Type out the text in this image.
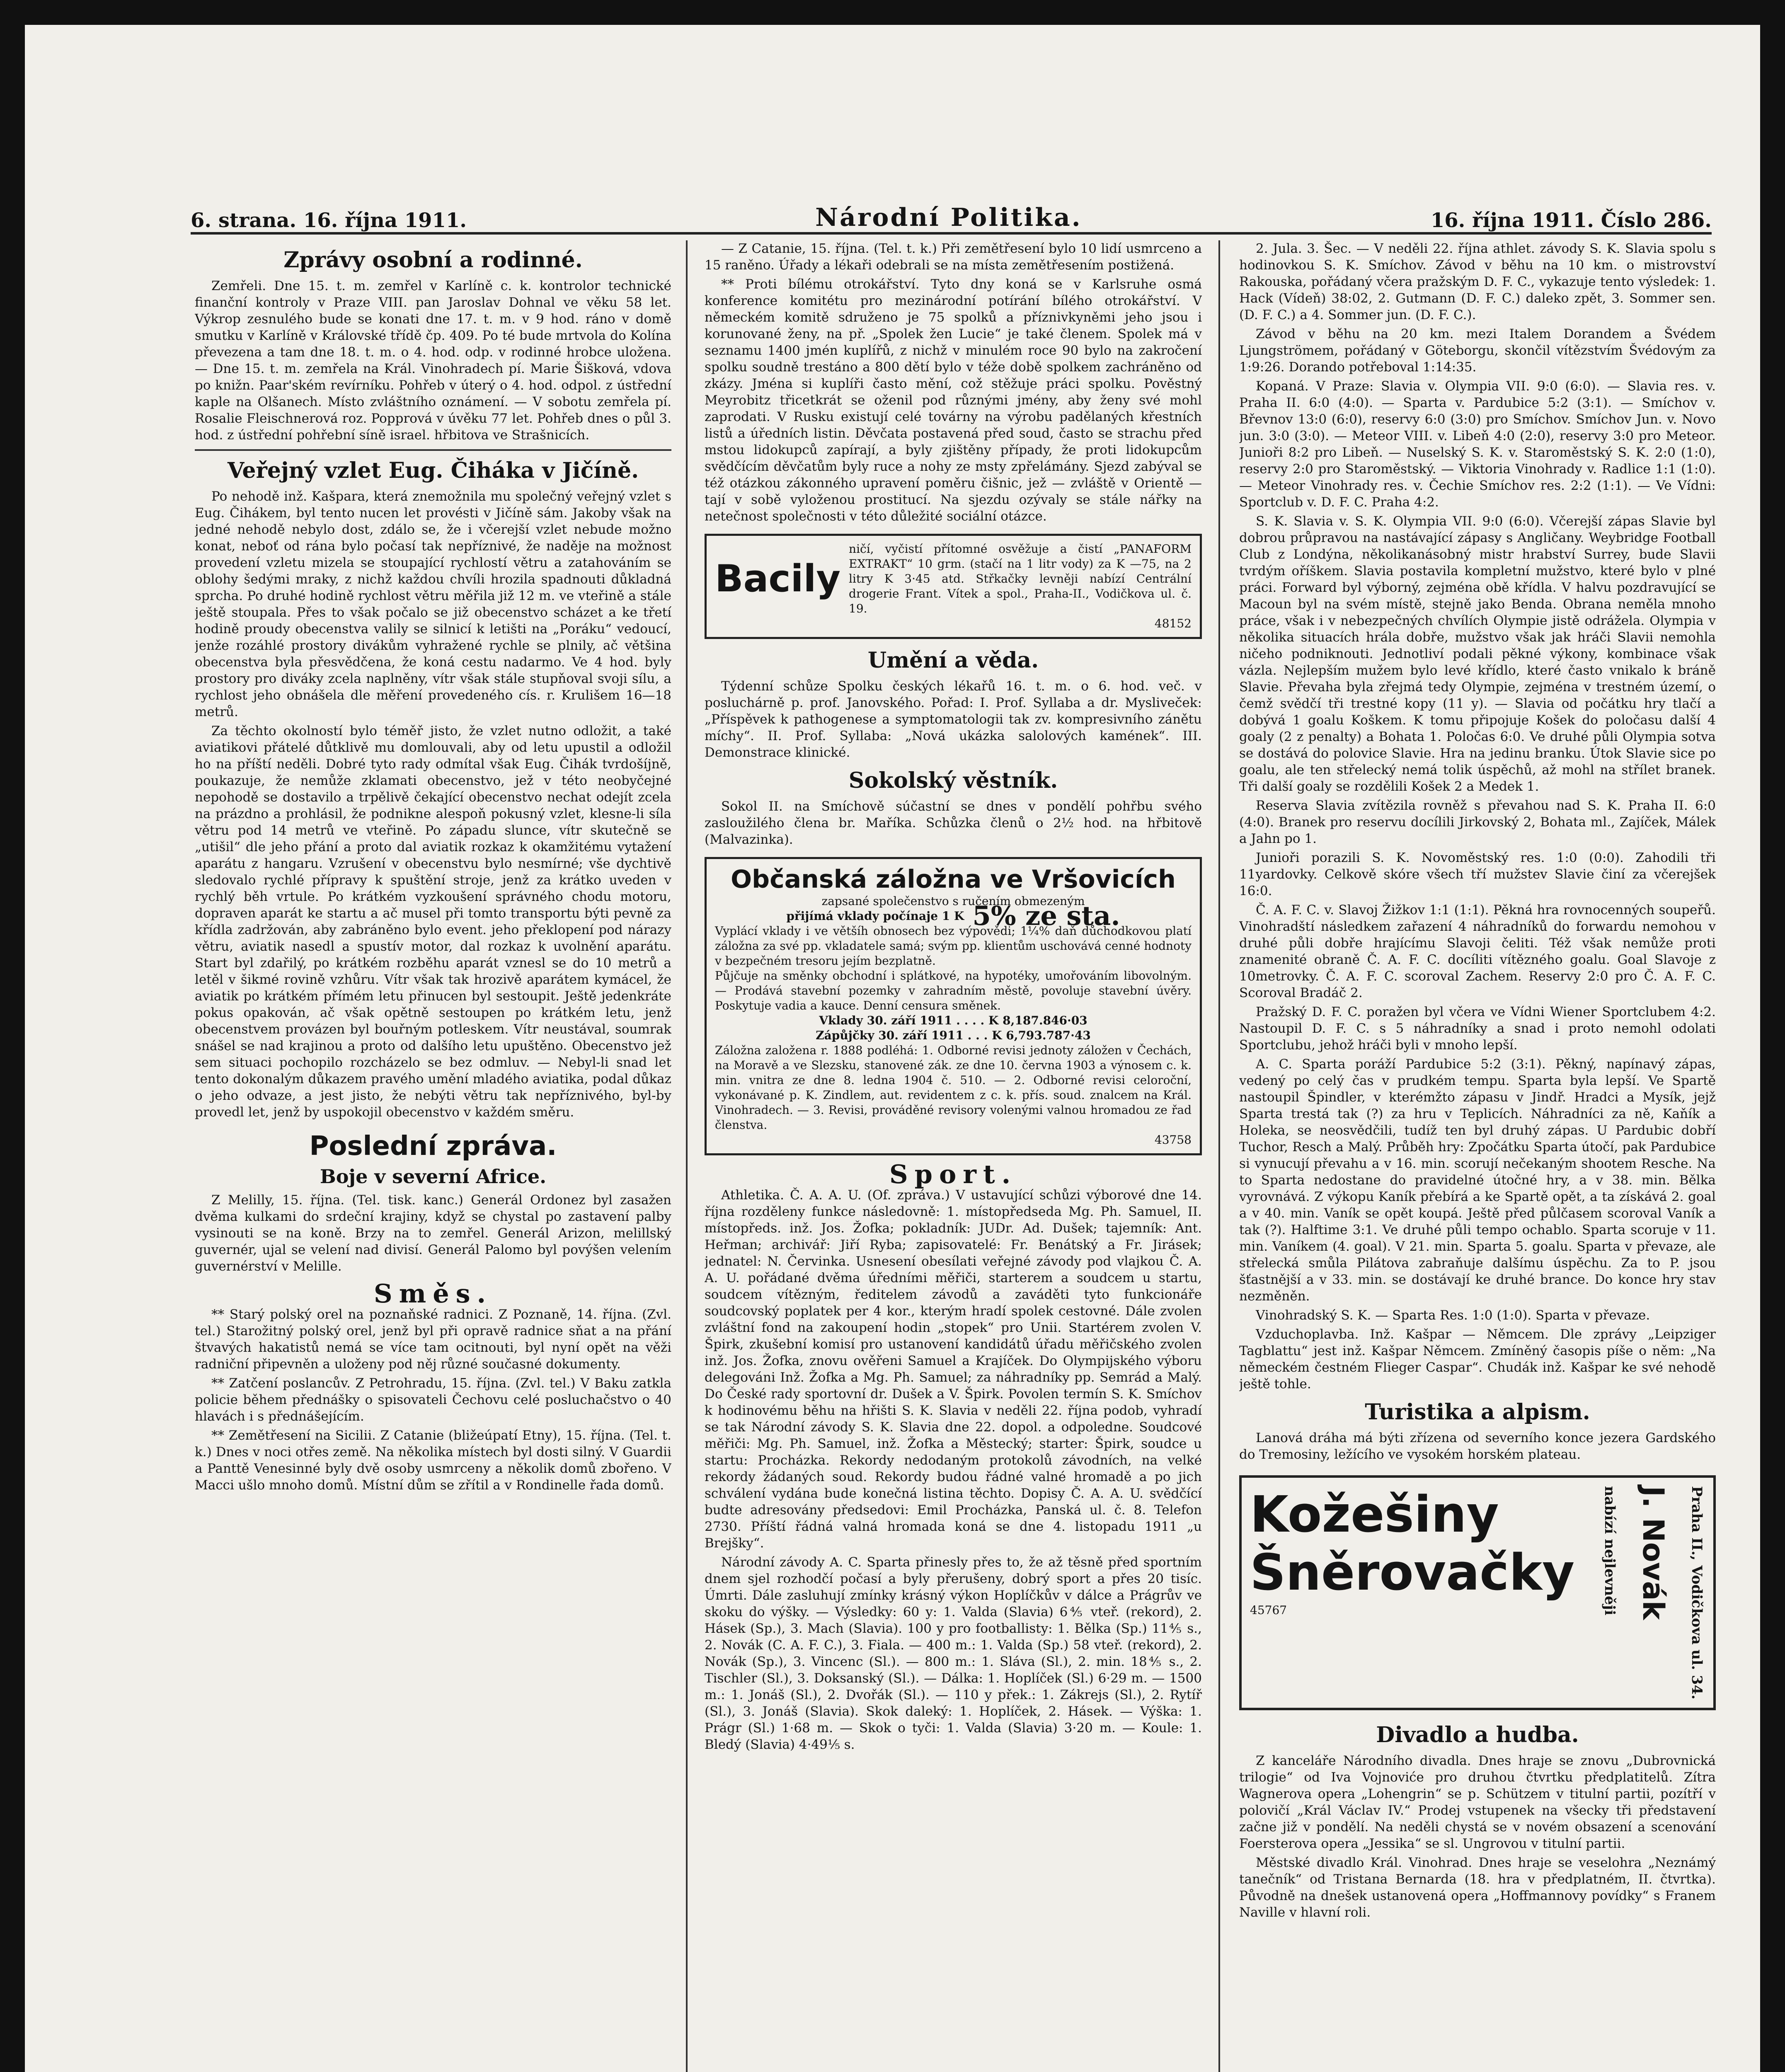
6. strana. 16. října 1911.	Národní Politika.	16. října 1911. Číslo 286.
Zprávy osobní a rodinné.

Zemřeli. Dne 15. t. m. zemřel v Karlíně c. k. kontrolor technické finanční kontroly v Praze VIII. pan Jaroslav Dohnal ve věku 58 let. Výkrop zesnulého bude se konati dne 17. t. m. v 9 hod. ráno v domě smutku v Karlíně v Královské třídě čp. 409. Po té bude mrtvola do Kolína převezena a tam dne 18. t. m. o 4. hod. odp. v rodinné hrobce uložena. — Dne 15. t. m. zemřela na Král. Vinohradech pí. Marie Šišková, vdova po knižn. Paar'ském revírníku. Pohřeb v úterý o 4. hod. odpol. z ústřední kaple na Olšanech. Místo zvláštního oznámení. — V sobotu zemřela pí. Rosalie Fleischnerová roz. Popprová v úvěku 77 let. Pohřeb dnes o půl 3. hod. z ústřední pohřební síně israel. hřbitova ve Strašnicích.

Veřejný vzlet Eug. Čiháka v Jičíně.

Po nehodě inž. Kašpara, která znemožnila mu společný veřejný vzlet s Eug. Čihákem, byl tento nucen let provésti v Jičíně sám. Jakoby však na jedné nehodě nebylo dost, zdálo se, že i včerejší vzlet nebude možno konat, neboť od rána bylo počasí tak nepříznivé, že naděje na možnost provedení vzletu mizela se stoupající rychlostí větru a zatahováním se oblohy šedými mraky, z nichž každou chvíli hrozila spadnouti důkladná sprcha. Po druhé hodině rychlost větru měřila již 12 m. ve vteřině a stále ještě stoupala. Přes to však počalo se již obecenstvo scházet a ke třetí hodině proudy obecenstva valily se silnicí k letišti na „Poráku“ vedoucí, jenže rozáhlé prostory divákům vyhražené rychle se plnily, ač většina obecenstva byla přesvědčena, že koná cestu nadarmo. Ve 4 hod. byly prostory pro diváky zcela naplněny, vítr však stále stupňoval svoji sílu, a rychlost jeho obnášela dle měření provedeného cís. r. Krulišem 16—18 metrů.

Za těchto okolností bylo téměř jisto, že vzlet nutno odložit, a také aviatikovi přátelé důtklivě mu domlouvali, aby od letu upustil a odložil ho na příští neděli. Dobré tyto rady odmítal však Eug. Čihák tvrdošíjně, poukazuje, že nemůže zklamati obecenstvo, jež v této neobyčejné nepohodě se dostavilo a trpělivě čekající obecenstvo nechat odejít zcela na prázdno a prohlásil, že podnikne alespoň pokusný vzlet, klesne-li síla větru pod 14 metrů ve vteřině. Po západu slunce, vítr skutečně se „utišil“ dle jeho přání a proto dal aviatik rozkaz k okamžitému vytažení aparátu z hangaru. Vzrušení v obecenstvu bylo nesmírné; vše dychtivě sledovalo rychlé přípravy k spuštění stroje, jenž za krátko uveden v rychlý běh vrtule. Po krátkém vyzkoušení správného chodu motoru, dopraven aparát ke startu a ač musel při tomto transportu býti pevně za křídla zadržován, aby zabráněno bylo event. jeho překlopení pod nárazy větru, aviatik nasedl a spustív motor, dal rozkaz k uvolnění aparátu. Start byl zdařilý, po krátkém rozběhu aparát vznesl se do 10 metrů a letěl v šikmé rovině vzhůru. Vítr však tak hrozivě aparátem kymácel, že aviatik po krátkém přímém letu přinucen byl sestoupit. Ještě jedenkráte pokus opakován, ač však opětně sestoupen po krátkém letu, jenž obecenstvem provázen byl bouřným potleskem. Vítr neustával, soumrak snášel se nad krajinou a proto od dalšího letu upuštěno. Obecenstvo jež sem situaci pochopilo rozcházelo se bez odmluv. — Nebyl-li snad let tento dokonalým důkazem pravého umění mladého aviatika, podal důkaz o jeho odvaze, a jest jisto, že nebýti větru tak nepříznivého, byl-by provedl let, jenž by uspokojil obecenstvo v každém směru.

Poslední zpráva.
Boje v severní Africe.

Z Melilly, 15. října. (Tel. tisk. kanc.) Generál Ordonez byl zasažen dvěma kulkami do srdeční krajiny, když se chystal po zastavení palby vysinouti se na koně. Brzy na to zemřel. Generál Arizon, melillský guvernér, ujal se velení nad divisí. Generál Palomo byl povýšen velením guvernérství v Melille.

Směs.

** Starý polský orel na poznaňské radnici. Z Poznaně, 14. října. (Zvl. tel.) Starožitný polský orel, jenž byl při opravě radnice sňat a na přání štvavých hakatistů nemá se více tam ocitnouti, byl nyní opět na věži radniční připevněn a uloženy pod něj různé současné dokumenty.

** Zatčení poslancův. Z Petrohradu, 15. října. (Zvl. tel.) V Baku zatkla policie během přednášky o spisovateli Čechovu celé posluchačstvo o 40 hlavách i s přednášejícím.

** Zemětřesení na Sicilii. Z Catanie (bližeúpatí Etny), 15. října. (Tel. t. k.) Dnes v noci otřes země. Na několika místech byl dosti silný. V Guardii a Panttě Venesinné byly dvě osoby usmrceny a několik domů zbořeno. V Macci ušlo mnoho domů. Místní dům se zřítil a v Rondinelle řada domů.

— Z Catanie, 15. října. (Tel. t. k.) Při zemětřesení bylo 10 lidí usmrceno a 15 raněno. Úřady a lékaři odebrali se na místa zemětřesením postižená.

** Proti bílému otrokářství. Tyto dny koná se v Karlsruhe osmá konference komitétu pro mezinárodní potírání bílého otrokářství. V německém komitě sdruženo je 75 spolků a příznivkyněmi jeho jsou i korunované ženy, na př. „Spolek žen Lucie“ je také členem. Spolek má v seznamu 1400 jmén kuplířů, z nichž v minulém roce 90 bylo na zakročení spolku soudně trestáno a 800 dětí bylo v téže době spolkem zachráněno od zkázy. Jména si kuplíři často mění, což stěžuje práci spolku. Pověstný Meyrobitz třicetkrát se oženil pod různými jmény, aby ženy své mohl zaprodati. V Rusku existují celé továrny na výrobu padělaných křestních listů a úředních listin. Děvčata postavená před soud, často se strachu před mstou lidokupců zapírají, a byly zjištěny případy, že proti lidokupcům svědčícím děvčatům byly ruce a nohy ze msty zpřelámány. Sjezd zabýval se též otázkou zákonného upravení poměru čišnic, jež — zvláště v Orientě — tají v sobě vyloženou prostitucí. Na sjezdu ozývaly se stále nářky na netečnost společnosti v této důležité sociální otázce.

Bacily
ničí, vyčistí přítomné osvěžuje a čistí „PANAFORM EXTRAKT“ 10 grm. (stačí na 1 litr vody) za K —75, na 2 litry K 3·45 atd. Střkačky levněji nabízí Centrální drogerie Frant. Vítek a spol., Praha-II., Vodičkova ul. č. 19.
48152
Umění a věda.

Týdenní schůze Spolku českých lékařů 16. t. m. o 6. hod. več. v posluchárně p. prof. Janovského. Pořad: I. Prof. Syllaba a dr. Mysliveček: „Příspěvek k pathogenese a symptomatologii tak zv. kompresivního zánětu míchy“. II. Prof. Syllaba: „Nová ukázka salolových kamének“. III. Demonstrace klinické.

Sokolský věstník.

Sokol II. na Smíchově súčastní se dnes v pondělí pohřbu svého zasloužilého člena br. Maříka. Schůzka členů o 2½ hod. na hřbitově (Malvazinka).

Občanská záložna ve Vršovicích
zapsané společenstvo s ručením obmezeným
přijímá vklady počínaje 1 K 5% ze sta.
Vyplácí vklady i ve většíh obnosech bez výpovědi; 1¼% daň důchodkovou platí záložna za své pp. vkladatele samá; svým pp. klientům uschovává cenné hodnoty v bezpečném tresoru jejím bezplatně.
Půjčuje na směnky obchodní i splátkové, na hypotéky, umořováním libovolným. — Prodává stavební pozemky v zahradním městě, povoluje stavební úvěry. Poskytuje vadia a kauce. Denní censura směnek.
Vklady 30. září 1911 . . . . K 8,187.846·03
Zápůjčky 30. září 1911 . . . K 6,793.787·43
Záložna založena r. 1888 podléhá: 1. Odborné revisi jednoty záložen v Čechách, na Moravě a ve Slezsku, stanovené zák. ze dne 10. června 1903 a výnosem c. k. min. vnitra ze dne 8. ledna 1904 č. 510. — 2. Odborné revisi celoroční, vykonávané p. K. Zindlem, aut. revidentem z c. k. přís. soud. znalcem na Král. Vinohradech. — 3. Revisi, prováděné revisory volenými valnou hromadou ze řad členstva.
43758
Sport.

Athletika. Č. A. A. U. (Of. zpráva.) V ustavující schůzi výborové dne 14. října rozděleny funkce následovně: 1. místopředseda Mg. Ph. Samuel, II. místopředs. inž. Jos. Žofka; pokladník: JUDr. Ad. Dušek; tajemník: Ant. Heřman; archivář: Jiří Ryba; zapisovatelé: Fr. Benátský a Fr. Jirásek; jednatel: N. Červinka. Usnesení obesílati veřejné závody pod vlajkou Č. A. A. U. pořádané dvěma úředními měřiči, starterem a soudcem u startu, soudcem vítězným, ředitelem závodů a zaváděti tyto funkcionáře soudcovský poplatek per 4 kor., kterým hradí spolek cestovné. Dále zvolen zvláštní fond na zakoupení hodin „stopek“ pro Unii. Startérem zvolen V. Špirk, zkušební komisí pro ustanovení kandidátů úřadu měřičského zvolen inž. Jos. Žofka, znovu ověřeni Samuel a Krajíček. Do Olympijského výboru delegováni Inž. Žofka a Mg. Ph. Samuel; za náhradníky pp. Semrád a Malý. Do České rady sportovní dr. Dušek a V. Špirk. Povolen termín S. K. Smíchov k hodinovému běhu na hřišti S. K. Slavia v neděli 22. října podob, vyhradí se tak Národní závody S. K. Slavia dne 22. dopol. a odpoledne. Soudcové měřiči: Mg. Ph. Samuel, inž. Žofka a Městecký; starter: Špirk, soudce u startu: Procházka. Rekordy nedodaným protokolů závodních, na velké rekordy žádaných soud. Rekordy budou řádné valné hromadě a po jich schválení vydána bude konečná listina těchto. Dopisy Č. A. A. U. svědčící budte adresovány předsedovi: Emil Procházka, Panská ul. č. 8. Telefon 2730. Příští řádná valná hromada koná se dne 4. listopadu 1911 „u Brejšky“.

Národní závody A. C. Sparta přinesly přes to, že až těsně před sportním dnem sjel rozhodčí počasí a byly přerušeny, dobrý sport a přes 20 tisíc. Úmrti. Dále zasluhují zmínky krásný výkon Hoplíčkův v dálce a Prágrův ve skoku do výšky. — Výsledky: 60 y: 1. Valda (Slavia) 6⅘ vteř. (rekord), 2. Hásek (Sp.), 3. Mach (Slavia). 100 y pro footballisty: 1. Bělka (Sp.) 11⅘ s., 2. Novák (C. A. F. C.), 3. Fiala. — 400 m.: 1. Valda (Sp.) 58 vteř. (rekord), 2. Novák (Sp.), 3. Vincenc (Sl.). — 800 m.: 1. Sláva (Sl.), 2. min. 18⅘ s., 2. Tischler (Sl.), 3. Doksanský (Sl.). — Dálka: 1. Hoplíček (Sl.) 6·29 m. — 1500 m.: 1. Jonáš (Sl.), 2. Dvořák (Sl.). — 110 y přek.: 1. Zákrejs (Sl.), 2. Rytíř (Sl.), 3. Jonáš (Slavia). Skok daleký: 1. Hoplíček, 2. Hásek. — Výška: 1. Prágr (Sl.) 1·68 m. — Skok o tyči: 1. Valda (Slavia) 3·20 m. — Koule: 1. Bledý (Slavia) 4·49⅕ s.

2. Jula. 3. Šec. — V neděli 22. října athlet. závody S. K. Slavia spolu s hodinovkou S. K. Smíchov. Závod v běhu na 10 km. o mistrovství Rakouska, pořádaný včera pražským D. F. C., vykazuje tento výsledek: 1. Hack (Vídeň) 38:02, 2. Gutmann (D. F. C.) daleko zpět, 3. Sommer sen. (D. F. C.) a 4. Sommer jun. (D. F. C.).

Závod v běhu na 20 km. mezi Italem Dorandem a Švédem Ljungströmem, pořádaný v Göteborgu, skončil vítězstvím Švédovým za 1:9:26. Dorando potřeboval 1:14:35.

Kopaná. V Praze: Slavia v. Olympia VII. 9:0 (6:0). — Slavia res. v. Praha II. 6:0 (4:0). — Sparta v. Pardubice 5:2 (3:1). — Smíchov v. Břevnov 13:0 (6:0), reservy 6:0 (3:0) pro Smíchov. Smíchov Jun. v. Novo jun. 3:0 (3:0). — Meteor VIII. v. Libeň 4:0 (2:0), reservy 3:0 pro Meteor. Junioři 8:2 pro Libeň. — Nuselský S. K. v. Staroměstský S. K. 2:0 (1:0), reservy 2:0 pro Staroměstský. — Viktoria Vinohrady v. Radlice 1:1 (1:0). — Meteor Vinohrady res. v. Čechie Smíchov res. 2:2 (1:1). — Ve Vídni: Sportclub v. D. F. C. Praha 4:2.

S. K. Slavia v. S. K. Olympia VII. 9:0 (6:0). Včerejší zápas Slavie byl dobrou průpravou na nastávající zápasy s Angličany. Weybridge Football Club z Londýna, několikanásobný mistr hrabství Surrey, bude Slavii tvrdým oříškem. Slavia postavila kompletní mužstvo, které bylo v plné práci. Forward byl výborný, zejména obě křídla. V halvu pozdravující se Macoun byl na svém místě, stejně jako Benda. Obrana neměla mnoho práce, však i v nebezpečných chvílích Olympie jistě odrážela. Olympia v několika situacích hrála dobře, mužstvo však jak hráči Slavii nemohla ničeho podniknouti. Jednotliví podali pěkné výkony, kombinace však vázla. Nejlepším mužem bylo levé křídlo, které často vnikalo k bráně Slavie. Převaha byla zřejmá tedy Olympie, zejména v trestném území, o čemž svědčí tři trestné kopy (11 y). — Slavia od počátku hry tlačí a dobývá 1 goalu Koškem. K tomu připojuje Košek do poločasu další 4 goaly (2 z penalty) a Bohata 1. Poločas 6:0. Ve druhé půli Olympia sotva se dostává do polovice Slavie. Hra na jedinu branku. Útok Slavie sice po goalu, ale ten střelecký nemá tolik úspěchů, až mohl na střílet branek. Tři další goaly se rozdělili Košek 2 a Medek 1.

Reserva Slavia zvítězila rovněž s převahou nad S. K. Praha II. 6:0 (4:0). Branek pro reservu docílili Jirkovský 2, Bohata ml., Zajíček, Málek a Jahn po 1.

Junioři porazili S. K. Novoměstský res. 1:0 (0:0). Zahodili tři 11yardovky. Celkově skóre všech tří mužstev Slavie činí za včerejšek 16:0.

Č. A. F. C. v. Slavoj Žižkov 1:1 (1:1). Pěkná hra rovnocenných soupeřů. Vinohradští následkem zařazení 4 náhradníků do forwardu nemohou v druhé půli dobře hrajícímu Slavoji čeliti. Též však nemůže proti znamenité obraně Č. A. F. C. docíliti vítězného goalu. Goal Slavoje z 10metrovky. Č. A. F. C. scoroval Zachem. Reservy 2:0 pro Č. A. F. C. Scoroval Bradáč 2.

Pražský D. F. C. poražen byl včera ve Vídni Wiener Sportclubem 4:2. Nastoupil D. F. C. s 5 náhradníky a snad i proto nemohl odolati Sportclubu, jehož hráči byli v mnoho lepší.

A. C. Sparta poráží Pardubice 5:2 (3:1). Pěkný, napínavý zápas, vedený po celý čas v prudkém tempu. Sparta byla lepší. Ve Spartě nastoupil Špindler, v kterémžto zápasu v Jindř. Hradci a Mysík, jejž Sparta trestá tak (?) za hru v Teplicích. Náhradníci za ně, Kaňík a Holeka, se neosvědčili, tudíž ten byl druhý zápas. U Pardubic dobří Tuchor, Resch a Malý. Průběh hry: Zpočátku Sparta útočí, pak Pardubice si vynucují převahu a v 16. min. scorují nečekaným shootem Resche. Na to Sparta nedostane do pravidelné útočné hry, a v 38. min. Bělka vyrovnává. Z výkopu Kaník přebírá a ke Spartě opět, a ta získává 2. goal a v 40. min. Vaník se opět koupá. Ještě před půlčasem scoroval Vaník a tak (?). Halftime 3:1. Ve druhé půli tempo ochablo. Sparta scoruje v 11. min. Vaníkem (4. goal). V 21. min. Sparta 5. goalu. Sparta v převaze, ale střelecká smůla Pilátova zabraňuje dalšímu úspěchu. Za to P. jsou šťastnější a v 33. min. se dostávají ke druhé brance. Do konce hry stav nezměněn.

Vinohradský S. K. — Sparta Res. 1:0 (1:0). Sparta v převaze.

Vzduchoplavba. Inž. Kašpar — Němcem. Dle zprávy „Leipziger Tagblattu“ jest inž. Kašpar Němcem. Zmíněný časopis píše o něm: „Na německém čestném Flieger Caspar“. Chudák inž. Kašpar ke své nehodě ještě tohle.

Turistika a alpism.

Lanová dráha má býti zřízena od severního konce jezera Gardského do Tremosiny, ležícího ve vysokém horském plateau.

Kožešiny
Šněrovačky
45767	nabízí nejlevněji J. Novák Praha II., Vodičkova ul. 34.
Divadlo a hudba.

Z kanceláře Národního divadla. Dnes hraje se znovu „Dubrovnická trilogie“ od Iva Vojnoviće pro druhou čtvrtku předplatitelů. Zítra Wagnerova opera „Lohengrin“ se p. Schützem v titulní partii, pozítří v polovičí „Král Václav IV.“ Prodej vstupenek na všecky tři představení začne již v pondělí. Na neděli chystá se v novém obsazení a scenování Foersterova opera „Jessika“ se sl. Ungrovou v titulní partii.

Městské divadlo Král. Vinohrad. Dnes hraje se veselohra „Neznámý tanečník“ od Tristana Bernarda (18. hra v předplatném, II. čtvrtka). Původně na dnešek ustanovená opera „Hoffmannovy povídky“ s Franem Naville v hlavní roli.
